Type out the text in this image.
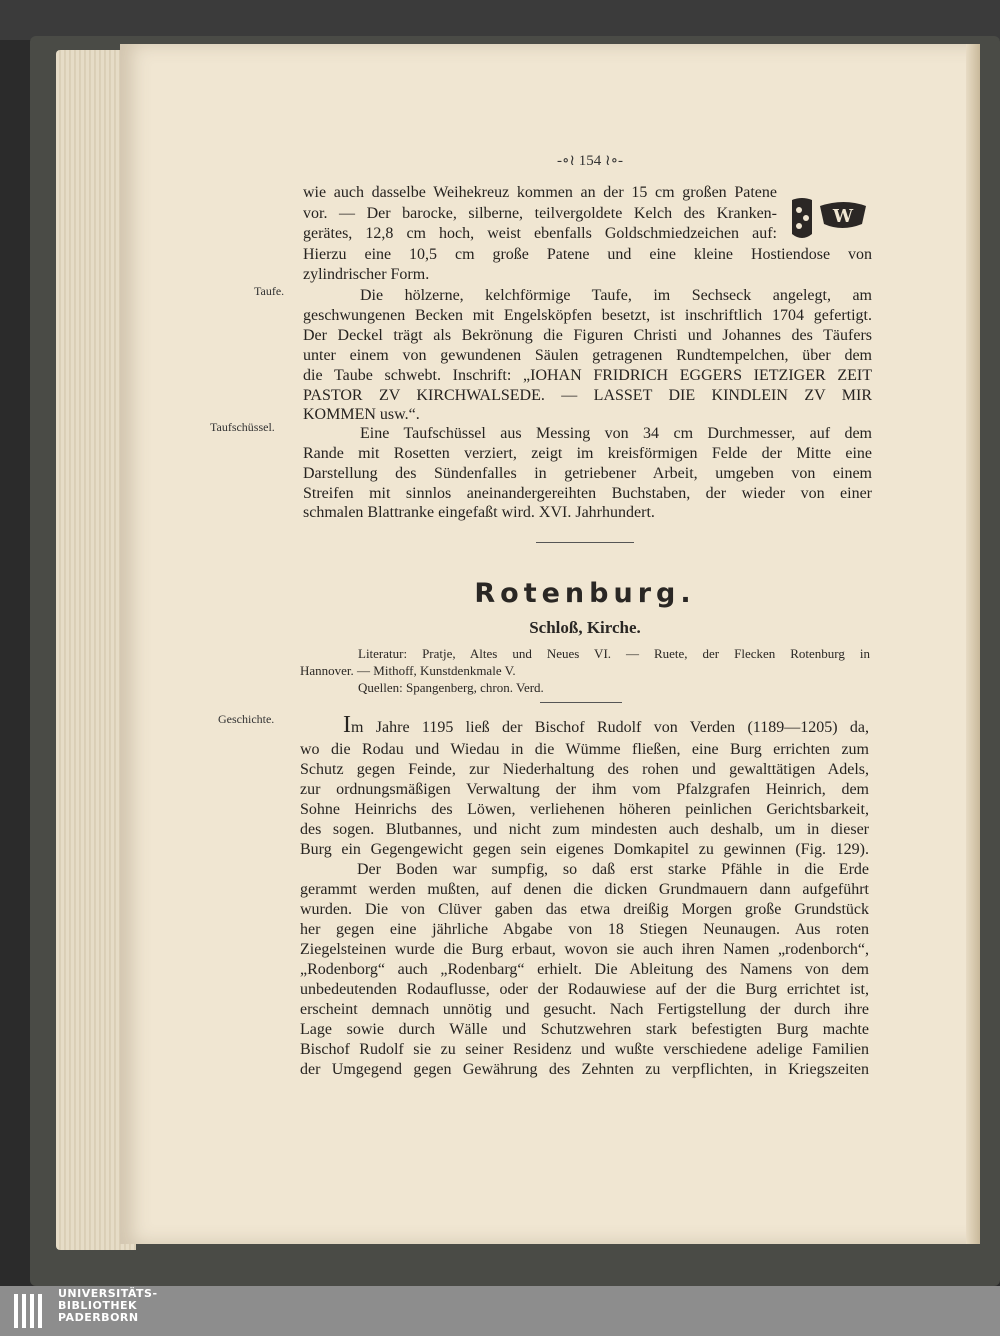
-∘≀ 154 ≀∘-
W
wie auch dasselbe Weihekreuz kommen an der 15 cm großen Patene
vor. — Der barocke, silberne, teilvergoldete Kelch des Kranken-
gerätes, 12,8 cm hoch, weist ebenfalls Goldschmiedzeichen auf:
Hierzu eine 10,5 cm große Patene und eine kleine Hostiendose von
zylindrischer Form.
Taufe.
Taufschüssel.
Geschichte.
Die hölzerne, kelchförmige Taufe, im Sechseck angelegt, am
geschwungenen Becken mit Engelsköpfen besetzt, ist inschriftlich 1704 gefertigt.
Der Deckel trägt als Bekrönung die Figuren Christi und Johannes des Täufers
unter einem von gewundenen Säulen getragenen Rundtempelchen, über dem
die Taube schwebt. Inschrift: „IOHAN FRIDRICH EGGERS IETZIGER ZEIT
PASTOR ZV KIRCHWALSEDE. — LASSET DIE KINDLEIN ZV MIR
KOMMEN usw.“.
Eine Taufschüssel aus Messing von 34 cm Durchmesser, auf dem
Rande mit Rosetten verziert, zeigt im kreisförmigen Felde der Mitte eine
Darstellung des Sündenfalles in getriebener Arbeit, umgeben von einem
Streifen mit sinnlos aneinandergereihten Buchstaben, der wieder von einer
schmalen Blattranke eingefaßt wird. XVI. Jahrhundert.
Rotenburg.
Schloß, Kirche.
Literatur: Pratje, Altes und Neues VI. — Ruete, der Flecken Rotenburg in
Hannover. — Mithoff, Kunstdenkmale V.
Quellen: Spangenberg, chron. Verd.
Im Jahre 1195 ließ der Bischof Rudolf von Verden (1189—1205) da,
wo die Rodau und Wiedau in die Wümme fließen, eine Burg errichten zum
Schutz gegen Feinde, zur Niederhaltung des rohen und gewalttätigen Adels,
zur ordnungsmäßigen Verwaltung der ihm vom Pfalzgrafen Heinrich, dem
Sohne Heinrichs des Löwen, verliehenen höheren peinlichen Gerichtsbarkeit,
des sogen. Blutbannes, und nicht zum mindesten auch deshalb, um in dieser
Burg ein Gegengewicht gegen sein eigenes Domkapitel zu gewinnen (Fig. 129).
Der Boden war sumpfig, so daß erst starke Pfähle in die Erde
gerammt werden mußten, auf denen die dicken Grundmauern dann aufgeführt
wurden. Die von Clüver gaben das etwa dreißig Morgen große Grundstück
her gegen eine jährliche Abgabe von 18 Stiegen Neunaugen. Aus roten
Ziegelsteinen wurde die Burg erbaut, wovon sie auch ihren Namen „rodenborch“,
„Rodenborg“ auch „Rodenbarg“ erhielt. Die Ableitung des Namens von dem
unbedeutenden Rodauflusse, oder der Rodauwiese auf der die Burg errichtet ist,
erscheint demnach unnötig und gesucht. Nach Fertigstellung der durch ihre
Lage sowie durch Wälle und Schutzwehren stark befestigten Burg machte
Bischof Rudolf sie zu seiner Residenz und wußte verschiedene adelige Familien
der Umgegend gegen Gewährung des Zehnten zu verpflichten, in Kriegszeiten
UNIVERSITÄTS-
BIBLIOTHEK
PADERBORN
